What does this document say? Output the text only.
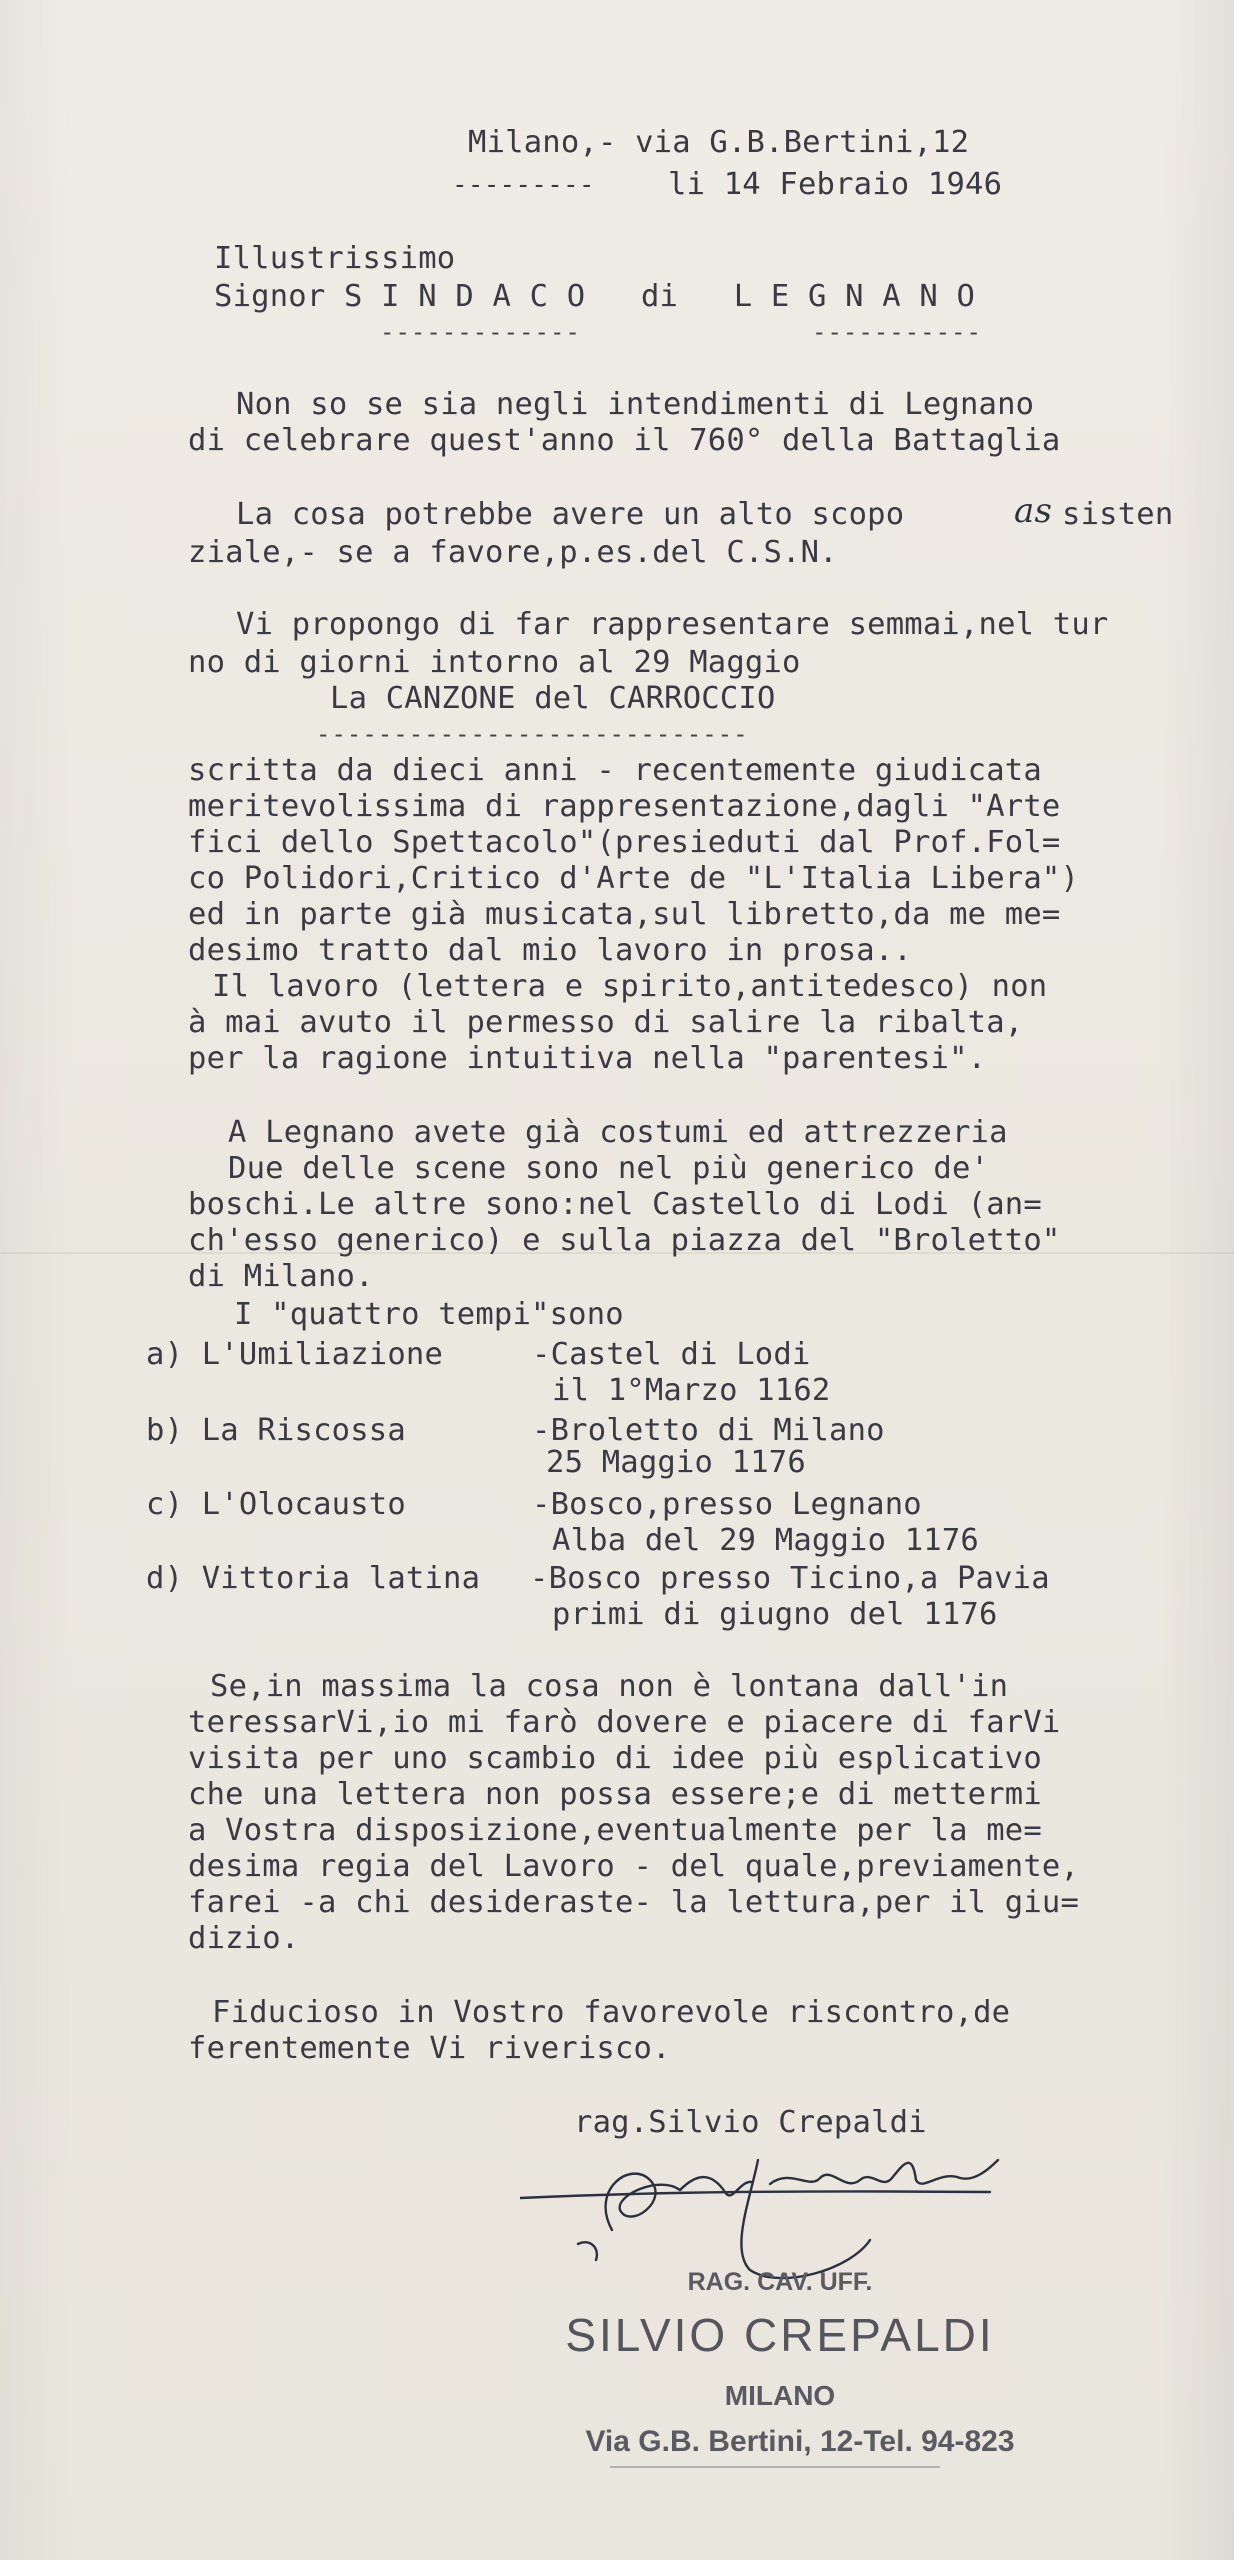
Milano,- via G.B.Bertini,12
--------- li 14 Febraio 1946
Illustrissimo
Signor S I N D A C O   di   L E G N A N O
-------------	-----------
Non so se sia negli intendimenti di Legnano
di celebrare quest'anno il 760° della Battaglia
La cosa potrebbe avere un alto scopo	as sisten
ziale,- se a favore,p.es.del C.S.N.
Vi propongo di far rappresentare semmai,nel tur
no di giorni intorno al 29 Maggio
La CANZONE del CARROCCIO
----------------------------
scritta da dieci anni - recentemente giudicata
meritevolissima di rappresentazione,dagli "Arte
fici dello Spettacolo"(presieduti dal Prof.Fol=
co Polidori,Critico d'Arte de "L'Italia Libera")
ed in parte già musicata,sul libretto,da me me=
desimo tratto dal mio lavoro in prosa..
Il lavoro (lettera e spirito,antitedesco) non
à mai avuto il permesso di salire la ribalta,
per la ragione intuitiva nella "parentesi".
A Legnano avete già costumi ed attrezzeria
Due delle scene sono nel più generico de'
boschi.Le altre sono:nel Castello di Lodi (an=
ch'esso generico) e sulla piazza del "Broletto"
di Milano.
I "quattro tempi"sono
a) L'Umiliazione	-Castel di Lodi
il 1°Marzo 1162
b) La Riscossa	-Broletto di Milano
25 Maggio 1176
c) L'Olocausto	-Bosco,presso Legnano
Alba del 29 Maggio 1176
d) Vittoria latina -Bosco presso Ticino,a Pavia
primi di giugno del 1176
Se,in massima la cosa non è lontana dall'in
teressarVi,io mi farò dovere e piacere di farVi
visita per uno scambio di idee più esplicativo
che una lettera non possa essere;e di mettermi
a Vostra disposizione,eventualmente per la me=
desima regia del Lavoro - del quale,previamente,
farei -a chi desideraste- la lettura,per il giu=
dizio.
Fiducioso in Vostro favorevole riscontro,de
ferentemente Vi riverisco.
rag.Silvio Crepaldi
RAG. CAV. UFF.
SILVIO CREPALDI
MILANO
Via G.B. Bertini, 12-Tel. 94-823
